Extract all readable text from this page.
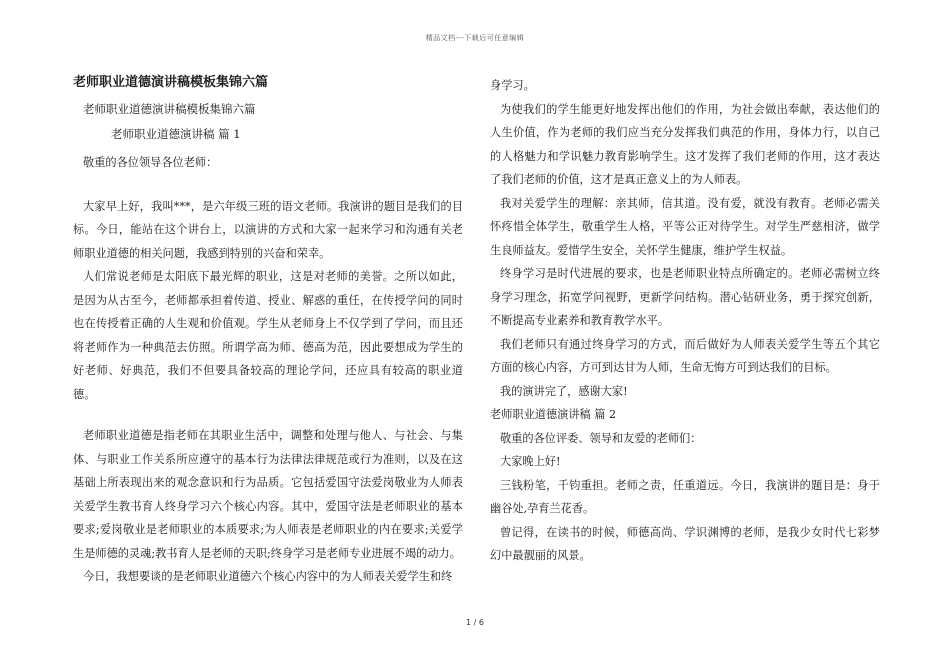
精品文档---下载后可任意编辑
老师职业道德演讲稿模板集锦六篇
老师职业道德演讲稿模板集锦六篇
老师职业道德演讲稿 篇 1

敬重的各位领导各位老师：

大家早上好，我叫***，是六年级三班的语文老师。我演讲的题目是我们的目标。今日，能站在这个讲台上，以演讲的方式和大家一起来学习和沟通有关老师职业道德的相关问题，我感到特别的兴奋和荣幸。

人们常说老师是太阳底下最光辉的职业，这是对老师的美誉。之所以如此，是因为从古至今，老师都承担着传道、授业、解惑的重任，在传授学问的同时也在传授着正确的人生观和价值观。学生从老师身上不仅学到了学问，而且还将老师作为一种典范去仿照。所谓学高为师、德高为范，因此要想成为学生的好老师、好典范，我们不但要具备较高的理论学问，还应具有较高的职业道德。

老师职业道德是指老师在其职业生活中，调整和处理与他人、与社会、与集体、与职业工作关系所应遵守的基本行为法律法律规范或行为准则，以及在这基础上所表现出来的观念意识和行为品质。它包括爱国守法爱岗敬业为人师表关爱学生教书育人终身学习六个核心内容。其中，爱国守法是老师职业的基本要求;爱岗敬业是老师职业的本质要求;为人师表是老师职业的内在要求;关爱学生是师德的灵魂;教书育人是老师的天职;终身学习是老师专业进展不竭的动力。

今日，我想要谈的是老师职业道德六个核心内容中的为人师表关爱学生和终

身学习。

为使我们的学生能更好地发挥出他们的作用，为社会做出奉献，表达他们的人生价值，作为老师的我们应当充分发挥我们典范的作用，身体力行，以自己的人格魅力和学识魅力教育影响学生。这才发挥了我们老师的作用，这才表达了我们老师的价值，这才是真正意义上的为人师表。

我对关爱学生的理解：亲其师，信其道。没有爱，就没有教育。老师必需关怀疼惜全体学生，敬重学生人格，平等公正对待学生。对学生严慈相济，做学生良师益友。爱惜学生安全，关怀学生健康，维护学生权益。

终身学习是时代进展的要求，也是老师职业特点所确定的。老师必需树立终身学习理念，拓宽学问视野，更新学问结构。潜心钻研业务，勇于探究创新，不断提高专业素养和教育教学水平。

我们老师只有通过终身学习的方式，而后做好为人师表关爱学生等五个其它方面的核心内容，方可到达甘为人师，生命无悔方可到达我们的目标。

我的演讲完了，感谢大家!

老师职业道德演讲稿 篇 2

敬重的各位评委、领导和友爱的老师们：

大家晚上好!

三钱粉笔，千钧重担。老师之责，任重道远。今日，我演讲的题目是：身于幽谷处,孕育兰花香。

曾记得，在读书的时候，师德高尚、学识渊博的老师，是我少女时代七彩梦幻中最靓丽的风景。

1 / 6
